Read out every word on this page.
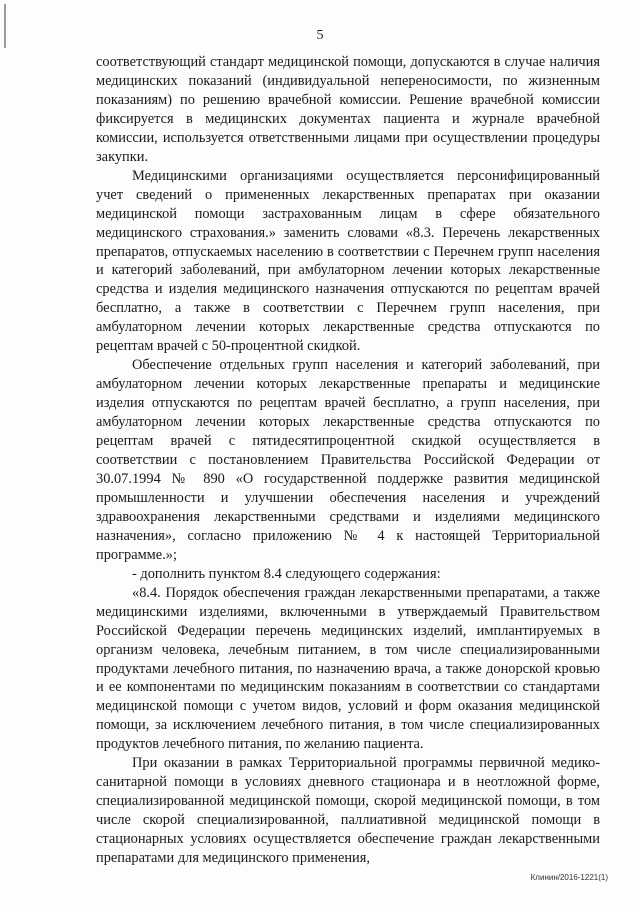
5

соответствующий стандарт медицинской помощи, допускаются в случае наличия медицинских показаний (индивидуальной непереносимости, по жизненным показаниям) по решению врачебной комиссии. Решение врачебной комиссии фиксируется в медицинских документах пациента и журнале врачебной комиссии, используется ответственными лицами при осуществлении процедуры закупки.

Медицинскими организациями осуществляется персонифицированный учет сведений о примененных лекарственных препаратах при оказании медицинской помощи застрахованным лицам в сфере обязательного медицинского страхования.» заменить словами «8.3. Перечень лекарственных препаратов, отпускаемых населению в соответствии с Перечнем групп населения и категорий заболеваний, при амбулаторном лечении которых лекарственные средства и изделия медицинского назначения отпускаются по рецептам врачей бесплатно, а также в соответствии с Перечнем групп населения, при амбулаторном лечении которых лекарственные средства отпускаются по рецептам врачей с 50-процентной скидкой.

Обеспечение отдельных групп населения и категорий заболеваний, при амбулаторном лечении которых лекарственные препараты и медицинские изделия отпускаются по рецептам врачей бесплатно, а групп населения, при амбулаторном лечении которых лекарственные средства отпускаются по рецептам врачей с пятидесятипроцентной скидкой осуществляется в соответствии с постановлением Правительства Российской Федерации от 30.07.1994 № 890 «О государственной поддержке развития медицинской промышленности и улучшении обеспечения населения и учреждений здравоохранения лекарственными средствами и изделиями медицинского назначения», согласно приложению № 4 к настоящей Территориальной программе.»;

- дополнить пунктом 8.4 следующего содержания:

«8.4. Порядок обеспечения граждан лекарственными препаратами, а также медицинскими изделиями, включенными в утверждаемый Правительством Российской Федерации перечень медицинских изделий, имплантируемых в организм человека, лечебным питанием, в том числе специализированными продуктами лечебного питания, по назначению врача, а также донорской кровью и ее компонентами по медицинским показаниям в соответствии со стандартами медицинской помощи с учетом видов, условий и форм оказания медицинской помощи, за исключением лечебного питания, в том числе специализированных продуктов лечебного питания, по желанию пациента.

При оказании в рамках Территориальной программы первичной медико-санитарной помощи в условиях дневного стационара и в неотложной форме, специализированной медицинской помощи, скорой медицинской помощи, в том числе скорой специализированной, паллиативной медицинской помощи в стационарных условиях осуществляется обеспечение граждан лекарственными препаратами для медицинского применения,

Клинин/2016-1221(1)
